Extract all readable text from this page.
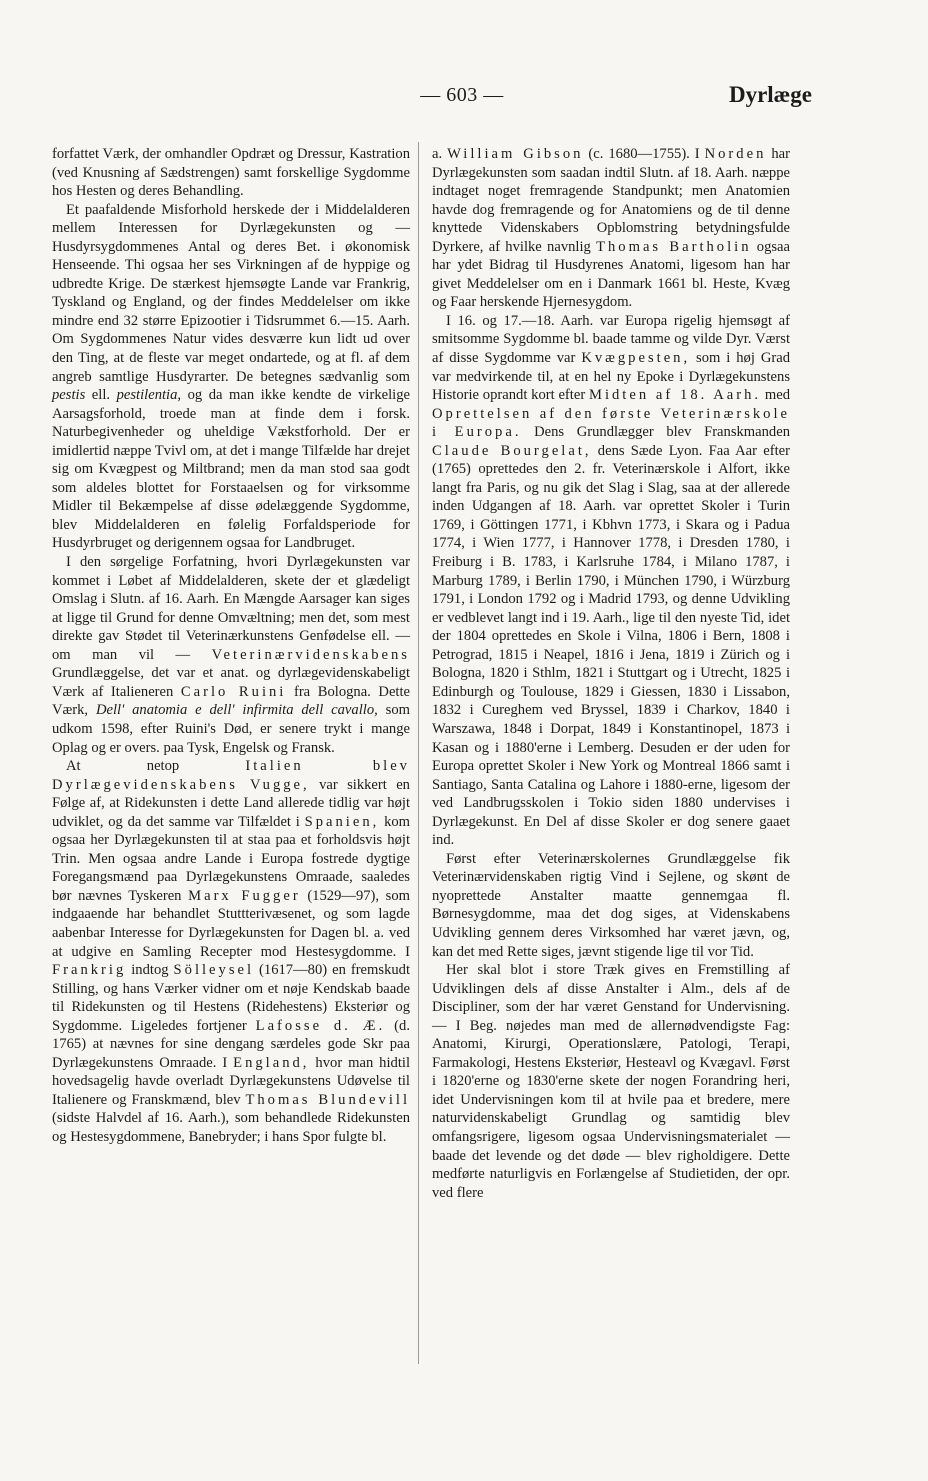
— 603 —	Dyrlæge

forfattet Værk, der omhandler Opdræt og Dressur, Kastration (ved Knusning af Sædstrengen) samt forskellige Sygdomme hos Hesten og deres Behandling.

Et paafaldende Misforhold herskede der i Middelalderen mellem Interessen for Dyrlægekunsten og — Husdyrsygdommenes Antal og deres Bet. i økonomisk Henseende. Thi ogsaa her ses Virkningen af de hyppige og udbredte Krige. De stærkest hjemsøgte Lande var Frankrig, Tyskland og England, og der findes Meddelelser om ikke mindre end 32 større Epizootier i Tidsrummet 6.—15. Aarh. Om Sygdommenes Natur vides desværre kun lidt ud over den Ting, at de fleste var meget ondartede, og at fl. af dem angreb samtlige Husdyrarter. De betegnes sædvanlig som pestis ell. pestilentia, og da man ikke kendte de virkelige Aarsagsforhold, troede man at finde dem i forsk. Naturbegivenheder og uheldige Vækstforhold. Der er imidlertid næppe Tvivl om, at det i mange Tilfælde har drejet sig om Kvægpest og Miltbrand; men da man stod saa godt som aldeles blottet for Forstaaelsen og for virksomme Midler til Bekæmpelse af disse ødelæggende Sygdomme, blev Middelalderen en følelig Forfaldsperiode for Husdyrbruget og derigennem ogsaa for Landbruget.

I den sørgelige Forfatning, hvori Dyrlægekunsten var kommet i Løbet af Middelalderen, skete der et glædeligt Omslag i Slutn. af 16. Aarh. En Mængde Aarsager kan siges at ligge til Grund for denne Omvæltning; men det, som mest direkte gav Stødet til Veterinærkunstens Genfødelse ell. — om man vil — Veterinærvidenskabens Grundlæggelse, det var et anat. og dyrlægevidenskabeligt Værk af Italieneren Carlo Ruini fra Bologna. Dette Værk, Dell' anatomia e dell' infirmita dell cavallo, som udkom 1598, efter Ruini's Død, er senere trykt i mange Oplag og er overs. paa Tysk, Engelsk og Fransk.

At netop	Italien blev Dyrlægevidenskabens Vugge, var sikkert en Følge af, at Ridekunsten i dette Land allerede tidlig var højt udviklet, og da det samme var Tilfældet i Spanien, kom ogsaa her Dyrlægekunsten til at staa paa et forholdsvis højt Trin. Men ogsaa andre Lande i Europa fostrede dygtige Foregangsmænd paa Dyrlægekunstens Omraade, saaledes bør nævnes Tyskeren Marx Fugger (1529—97), som indgaaende har behandlet Stuttterivæsenet, og som lagde aabenbar Interesse for Dyrlægekunsten for Dagen bl. a. ved at udgive en Samling Recepter mod Hestesygdomme. I Frankrig indtog Sölleysel (1617—80) en fremskudt Stilling, og hans Værker vidner om et nøje Kendskab baade til Ridekunsten og til Hestens (Ridehestens) Eksteriør og Sygdomme. Ligeledes fortjener Lafosse d. Æ. (d. 1765) at nævnes for sine dengang særdeles gode Skr paa Dyrlægekunstens Omraade. I England, hvor man hidtil hovedsagelig havde overladt Dyrlægekunstens Udøvelse til Italienere og Franskmænd, blev Thomas Blundevill (sidste Halvdel af 16. Aarh.), som behandlede Ridekunsten og Hestesygdommene, Banebryder; i hans Spor fulgte bl.

a. William Gibson (c. 1680—1755). I Norden har Dyrlægekunsten som saadan indtil Slutn. af 18. Aarh. næppe indtaget noget fremragende Standpunkt; men Anatomien havde dog fremragende og for Anatomiens og de til denne knyttede Videnskabers Opblomstring betydningsfulde Dyrkere, af hvilke navnlig Thomas Bartholin ogsaa har ydet Bidrag til Husdyrenes Anatomi, ligesom han har givet Meddelelser om en i Danmark 1661 bl. Heste, Kvæg og Faar herskende Hjernesygdom.

I 16. og 17.—18. Aarh. var Europa rigelig hjemsøgt af smitsomme Sygdomme bl. baade tamme og vilde Dyr. Værst af disse Sygdomme var Kvægpesten, som i høj Grad var medvirkende til, at en hel ny Epoke i Dyrlægekunstens Historie oprandt kort efter Midten af 18. Aarh. med Oprettelsen af den første Veterinærskole i Europa. Dens Grundlægger blev Franskmanden Claude Bourgelat, dens Sæde Lyon. Faa Aar efter (1765) oprettedes den 2. fr. Veterinærskole i Alfort, ikke langt fra Paris, og nu gik det Slag i Slag, saa at der allerede inden Udgangen af 18. Aarh. var oprettet Skoler i Turin 1769, i Göttingen 1771, i Kbhvn 1773, i Skara og i Padua 1774, i Wien 1777, i Hannover 1778, i Dresden 1780, i Freiburg i B. 1783, i Karlsruhe 1784, i Milano 1787, i Marburg 1789, i Berlin 1790, i München 1790, i Würzburg 1791, i London 1792 og i Madrid 1793, og denne Udvikling er vedblevet langt ind i 19. Aarh., lige til den nyeste Tid, idet der 1804 oprettedes en Skole i Vilna, 1806 i Bern, 1808 i Petrograd, 1815 i Neapel, 1816 i Jena, 1819 i Zürich og i Bologna, 1820 i Sthlm, 1821 i Stuttgart og i Utrecht, 1825 i Edinburgh og Toulouse, 1829 i Giessen, 1830 i Lissabon, 1832 i Cureghem ved Bryssel, 1839 i Charkov, 1840 i Warszawa, 1848 i Dorpat, 1849 i Konstantinopel, 1873 i Kasan og i 1880'erne i Lemberg. Desuden er der uden for Europa oprettet Skoler i New York og Montreal 1866 samt i Santiago, Santa Catalina og Lahore i 1880-erne, ligesom der ved Landbrugsskolen i Tokio siden 1880 undervises i Dyrlægekunst. En Del af disse Skoler er dog senere gaaet ind.

Først efter Veterinærskolernes Grundlæggelse fik Veterinærvidenskaben rigtig Vind i Sejlene, og skønt de nyoprettede Anstalter maatte gennemgaa fl. Børnesygdomme, maa det dog siges, at Videnskabens Udvikling gennem deres Virksomhed har været jævn, og, kan det med Rette siges, jævnt stigende lige til vor Tid.

Her skal blot i store Træk gives en Fremstilling af Udviklingen dels af disse Anstalter i Alm., dels af de Discipliner, som der har været Genstand for Undervisning. — I Beg. nøjedes man med de allernødvendigste Fag: Anatomi, Kirurgi, Operationslære, Patologi, Terapi, Farmakologi, Hestens Eksteriør, Hesteavl og Kvægavl. Først i 1820'erne og 1830'erne skete der nogen Forandring heri, idet Undervisningen kom til at hvile paa et bredere, mere naturvidenskabeligt Grundlag og samtidig blev omfangsrigere, ligesom ogsaa Undervisningsmaterialet — baade det levende og det døde — blev righoldigere. Dette medførte naturligvis en Forlængelse af Studietiden, der opr. ved flere
